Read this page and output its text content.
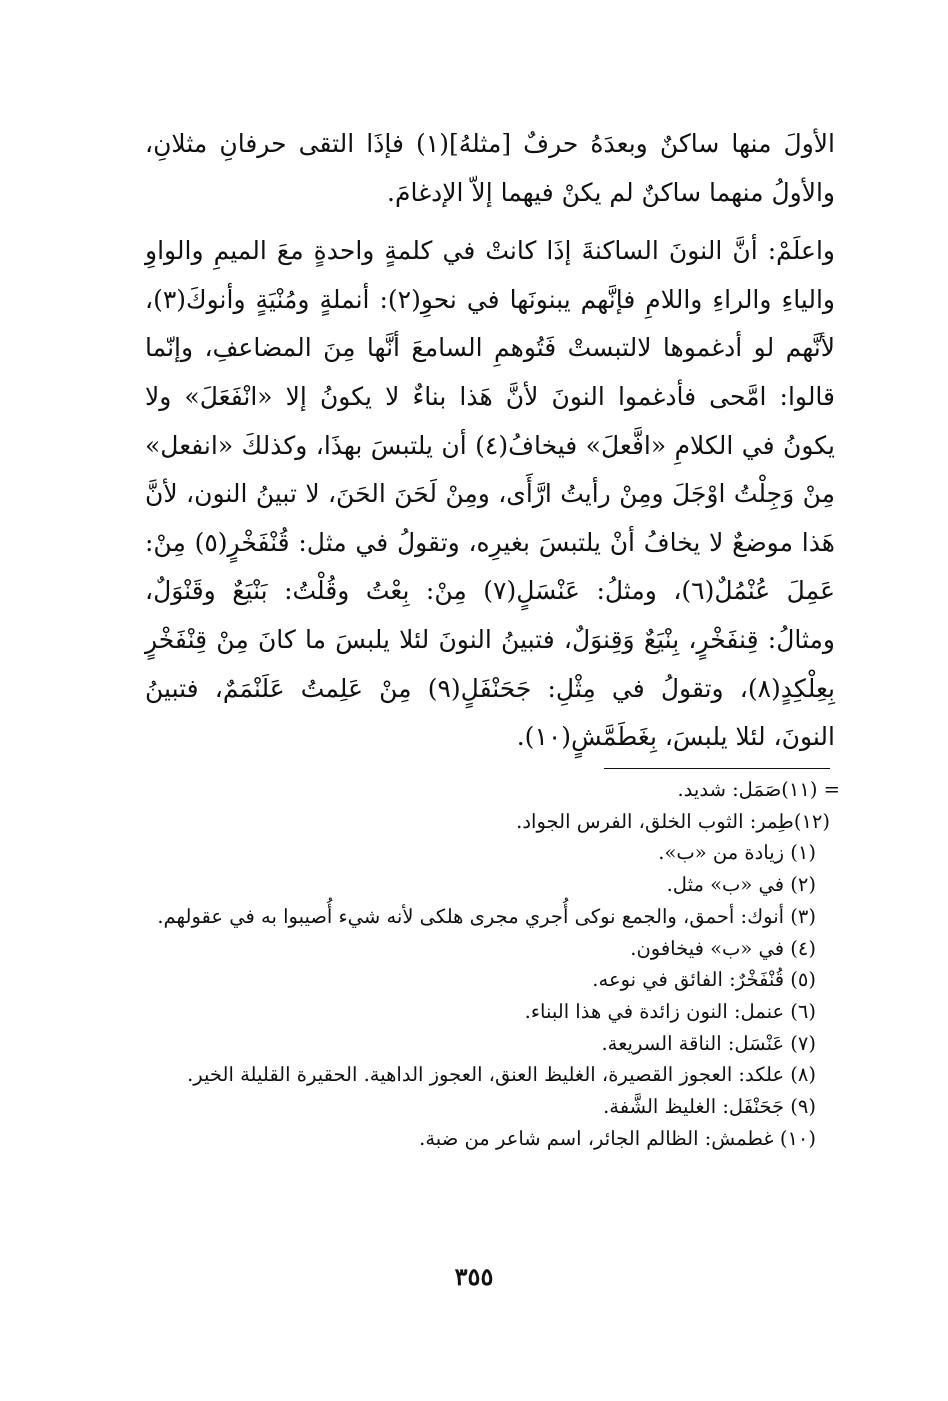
الأولَ منها ساكنٌ وبعدَهُ حرفٌ [مثلهُ](١) فإذَا التقى حرفانِ مثلانِ، والأولُ منهما ساكنٌ لم يكنْ فيهما إلاّ الإدغامَ.

واعلَمْ: أنَّ النونَ الساكنةَ إذَا كانتْ في كلمةٍ واحدةٍ معَ الميمِ والواوِ والياءِ والراءِ واللامِ فإنَّهم يبنونَها في نحوِ(٢): أنملةٍ ومُنْيَةٍ وأنوكَ(٣)، لأنَّهم لو أدغموها لالتبستْ فَتُوهمِ السامعَ أنَّها مِنَ المضاعفِ، وإنّما قالوا: امَّحى فأدغموا النونَ لأنَّ هَذا بناءٌ لا يكونُ إلا «انْفَعَلَ» ولا يكونُ في الكلامِ «افَّعلَ» فيخافُ(٤) أن يلتبسَ بهذَا، وكذلكَ «انفعل» مِنْ وَجِلْتُ اوْجَلَ ومِنْ رأيتُ ارَّأَى، ومِنْ لَحَنَ الحَنَ، لا تبينُ النون، لأنَّ هَذا موضعٌ لا يخافُ أنْ يلتبسَ بغيرِه، وتقولُ في مثل: قُنْفَخْرٍ(٥) مِنْ: عَمِلَ عُنْمُلٌ(٦)، ومثلُ: عَنْسَلٍ(٧) مِنْ: بِعْتُ وقُلْتُ: بَنْيَعٌ وقَنْوَلٌ، ومثالُ: قِنفَخْرٍ، بِنْيَعٌ وَقِنوَلٌ، فتبينُ النونَ لئلا يلبسَ ما كانَ مِنْ قِنْفَخْرٍ بِعِلْكِدٍ(٨)، وتقولُ في مِثْلِ: جَحَنْفَلٍ(٩) مِنْ عَلِمتُ عَلَنْمَمٌ، فتبينُ النونَ، لئلا يلبسَ، بِغَطَمَّشٍ(١٠).

= (١١)صَمَل: شديد.

(١٢)طِمر: الثوب الخلق، الفرس الجواد.

(١) زيادة من «ب».

(٢) في «ب» مثل.

(٣) أنوك: أحمق، والجمع نوكى أُجري مجرى هلكى لأنه شيء أُصيبوا به في عقولهم.

(٤) في «ب» فيخافون.

(٥) قُنْفَخْرٌ: الفائق في نوعه.

(٦) عنمل: النون زائدة في هذا البناء.

(٧) عَنْسَل: الناقة السريعة.

(٨) علكد: العجوز القصيرة، الغليظ العنق، العجوز الداهية. الحقيرة القليلة الخير.

(٩) جَحَنْفَل: الغليظ الشَّفة.

(١٠) غطمش: الظالم الجائر، اسم شاعر من ضبة.

٣٥٥
